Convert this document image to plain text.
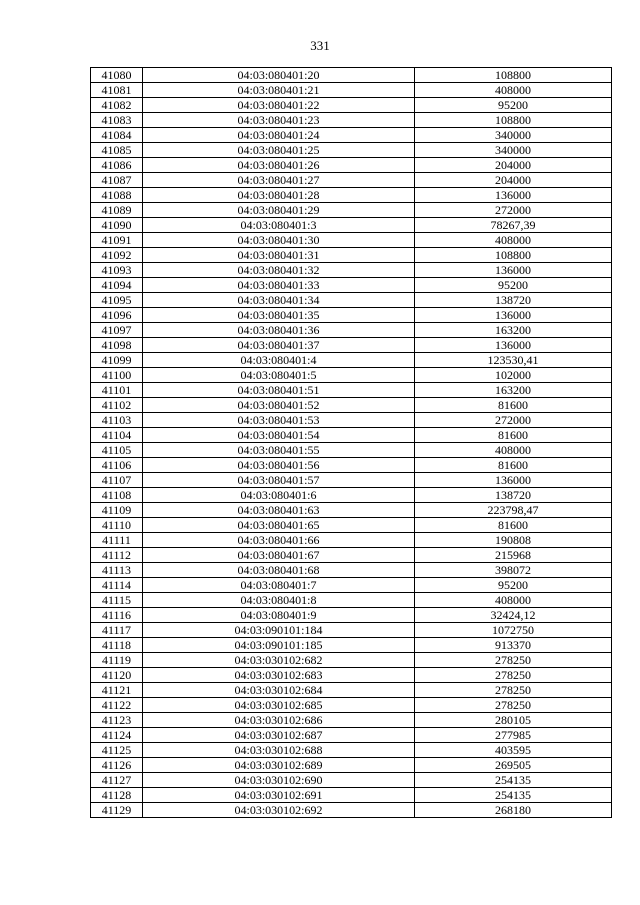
331
41080	04:03:080401:20	108800
41081	04:03:080401:21	408000
41082	04:03:080401:22	95200
41083	04:03:080401:23	108800
41084	04:03:080401:24	340000
41085	04:03:080401:25	340000
41086	04:03:080401:26	204000
41087	04:03:080401:27	204000
41088	04:03:080401:28	136000
41089	04:03:080401:29	272000
41090	04:03:080401:3	78267,39
41091	04:03:080401:30	408000
41092	04:03:080401:31	108800
41093	04:03:080401:32	136000
41094	04:03:080401:33	95200
41095	04:03:080401:34	138720
41096	04:03:080401:35	136000
41097	04:03:080401:36	163200
41098	04:03:080401:37	136000
41099	04:03:080401:4	123530,41
41100	04:03:080401:5	102000
41101	04:03:080401:51	163200
41102	04:03:080401:52	81600
41103	04:03:080401:53	272000
41104	04:03:080401:54	81600
41105	04:03:080401:55	408000
41106	04:03:080401:56	81600
41107	04:03:080401:57	136000
41108	04:03:080401:6	138720
41109	04:03:080401:63	223798,47
41110	04:03:080401:65	81600
41111	04:03:080401:66	190808
41112	04:03:080401:67	215968
41113	04:03:080401:68	398072
41114	04:03:080401:7	95200
41115	04:03:080401:8	408000
41116	04:03:080401:9	32424,12
41117	04:03:090101:184	1072750
41118	04:03:090101:185	913370
41119	04:03:030102:682	278250
41120	04:03:030102:683	278250
41121	04:03:030102:684	278250
41122	04:03:030102:685	278250
41123	04:03:030102:686	280105
41124	04:03:030102:687	277985
41125	04:03:030102:688	403595
41126	04:03:030102:689	269505
41127	04:03:030102:690	254135
41128	04:03:030102:691	254135
41129	04:03:030102:692	268180
